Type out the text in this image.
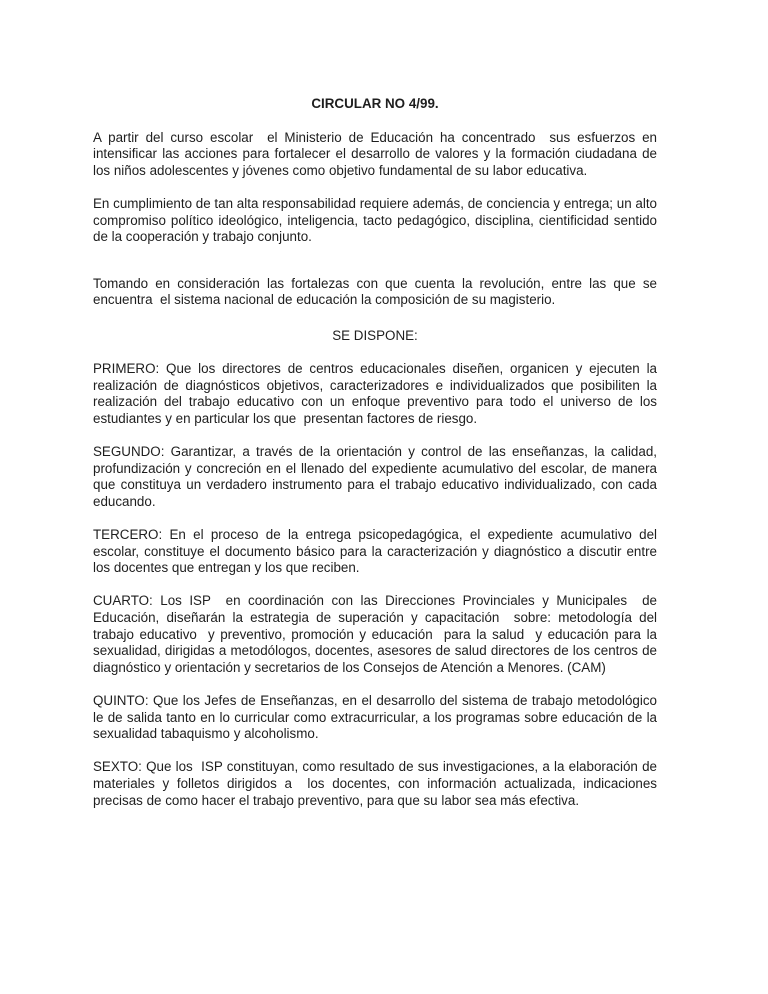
CIRCULAR NO 4/99.

A partir del curso escolar  el Ministerio de Educación ha concentrado  sus esfuerzos en intensificar las acciones para fortalecer el desarrollo de valores y la formación ciudadana de los niños adolescentes y jóvenes como objetivo fundamental de su labor educativa.

En cumplimiento de tan alta responsabilidad requiere además, de conciencia y entrega; un alto compromiso político ideológico, inteligencia, tacto pedagógico, disciplina, cientificidad sentido de la cooperación y trabajo conjunto.

Tomando en consideración las fortalezas con que cuenta la revolución, entre las que se encuentra  el sistema nacional de educación la composición de su magisterio.

SE DISPONE:

PRIMERO: Que los directores de centros educacionales diseñen, organicen y ejecuten la realización de diagnósticos objetivos, caracterizadores e individualizados que posibiliten la realización del trabajo educativo con un enfoque preventivo para todo el universo de los estudiantes y en particular los que  presentan factores de riesgo.

SEGUNDO: Garantizar, a través de la orientación y control de las enseñanzas, la calidad, profundización y concreción en el llenado del expediente acumulativo del escolar, de manera que constituya un verdadero instrumento para el trabajo educativo individualizado, con cada educando.

TERCERO: En el proceso de la entrega psicopedagógica, el expediente acumulativo del escolar, constituye el documento básico para la caracterización y diagnóstico a discutir entre los docentes que entregan y los que reciben.

CUARTO: Los ISP  en coordinación con las Direcciones Provinciales y Municipales  de Educación, diseñarán la estrategia de superación y capacitación  sobre: metodología del trabajo educativo  y preventivo, promoción y educación  para la salud  y educación para la sexualidad, dirigidas a metodólogos, docentes, asesores de salud directores de los centros de diagnóstico y orientación y secretarios de los Consejos de Atención a Menores. (CAM)

QUINTO: Que los Jefes de Enseñanzas, en el desarrollo del sistema de trabajo metodológico le de salida tanto en lo curricular como extracurricular, a los programas sobre educación de la sexualidad tabaquismo y alcoholismo.

SEXTO: Que los  ISP constituyan, como resultado de sus investigaciones, a la elaboración de materiales y folletos dirigidos a  los docentes, con información actualizada, indicaciones precisas de como hacer el trabajo preventivo, para que su labor sea más efectiva.
